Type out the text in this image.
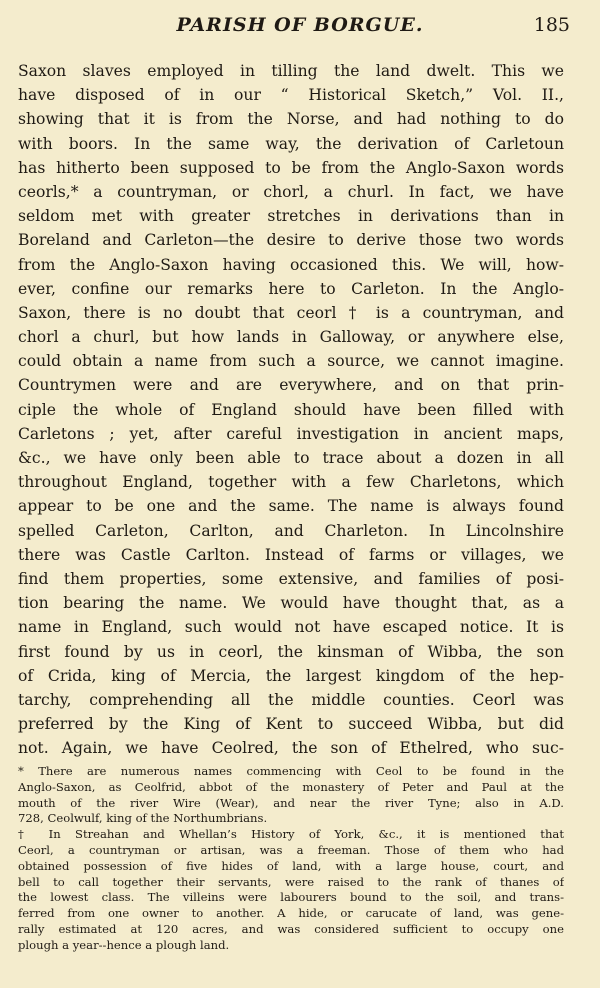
PARISH OF BORGUE.	185
Saxon slaves employed in tilling the land dwelt. This we
have disposed of in our “ Historical Sketch,” Vol. II.,
showing that it is from the Norse, and had nothing to do
with boors. In the same way, the derivation of Carletoun
has hitherto been supposed to be from the Anglo-Saxon words
ceorls,* a countryman, or chorl, a churl. In fact, we have
seldom met with greater stretches in derivations than in
Boreland and Carleton—the desire to derive those two words
from the Anglo-Saxon having occasioned this. We will, how-
ever, confine our remarks here to Carleton. In the Anglo-
Saxon, there is no doubt that ceorl † is a countryman, and
chorl a churl, but how lands in Galloway, or anywhere else,
could obtain a name from such a source, we cannot imagine.
Countrymen were and are everywhere, and on that prin-
ciple the whole of England should have been filled with
Carletons ; yet, after careful investigation in ancient maps,
&c., we have only been able to trace about a dozen in all
throughout England, together with a few Charletons, which
appear to be one and the same. The name is always found
spelled Carleton, Carlton, and Charleton. In Lincolnshire
there was Castle Carlton. Instead of farms or villages, we
find them properties, some extensive, and families of posi-
tion bearing the name. We would have thought that, as a
name in England, such would not have escaped notice. It is
first found by us in ceorl, the kinsman of Wibba, the son
of Crida, king of Mercia, the largest kingdom of the hep-
tarchy, comprehending all the middle counties. Ceorl was
preferred by the King of Kent to succeed Wibba, but did
not. Again, we have Ceolred, the son of Ethelred, who suc-
* There are numerous names commencing with Ceol to be found in the
Anglo-Saxon, as Ceolfrid, abbot of the monastery of Peter and Paul at the
mouth of the river Wire (Wear), and near the river Tyne; also in A.D.
728, Ceolwulf, king of the Northumbrians.
† In Streahan and Whellan’s History of York, &c., it is mentioned that
Ceorl, a countryman or artisan, was a freeman. Those of them who had
obtained possession of five hides of land, with a large house, court, and
bell to call together their servants, were raised to the rank of thanes of
the lowest class. The villeins were labourers bound to the soil, and trans-
ferred from one owner to another. A hide, or carucate of land, was gene-
rally estimated at 120 acres, and was considered sufficient to occupy one
plough a year--hence a plough land.
